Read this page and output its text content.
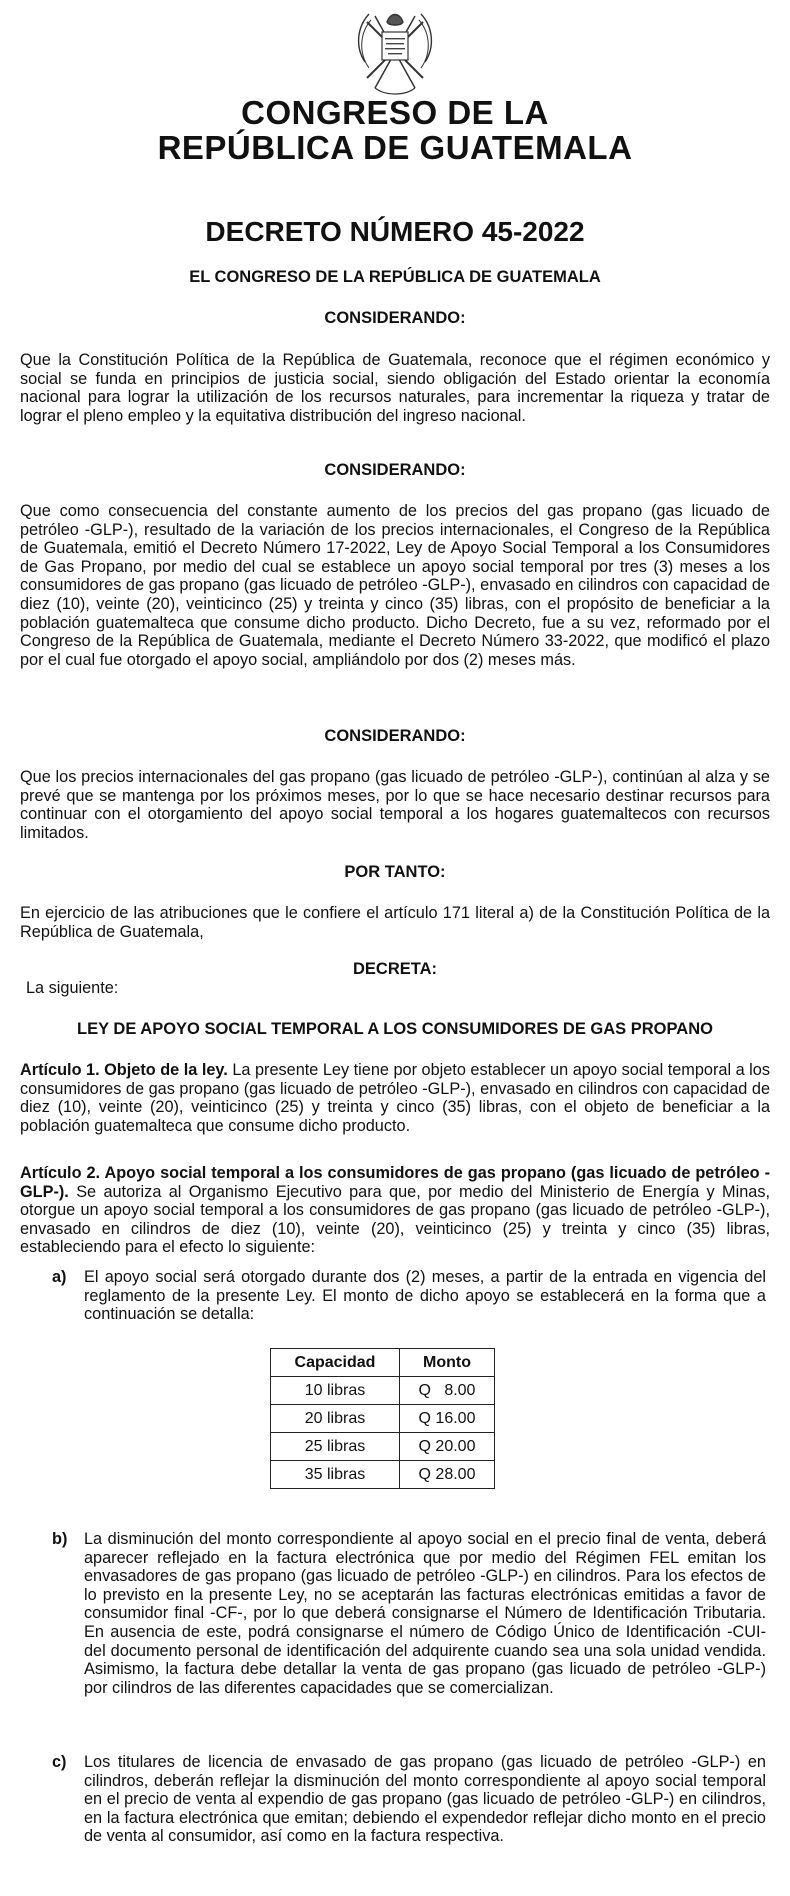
CONGRESO DE LA
REPÚBLICA DE GUATEMALA
DECRETO NÚMERO 45-2022
EL CONGRESO DE LA REPÚBLICA DE GUATEMALA
CONSIDERANDO:
Que la Constitución Política de la República de Guatemala, reconoce que el régimen económico y social se funda en principios de justicia social, siendo obligación del Estado orientar la economía nacional para lograr la utilización de los recursos naturales, para incrementar la riqueza y tratar de lograr el pleno empleo y la equitativa distribución del ingreso nacional.
CONSIDERANDO:
Que como consecuencia del constante aumento de los precios del gas propano (gas licuado de petróleo -GLP-), resultado de la variación de los precios internacionales, el Congreso de la República de Guatemala, emitió el Decreto Número 17-2022, Ley de Apoyo Social Temporal a los Consumidores de Gas Propano, por medio del cual se establece un apoyo social temporal por tres (3) meses a los consumidores de gas propano (gas licuado de petróleo -GLP-), envasado en cilindros con capacidad de diez (10), veinte (20), veinticinco (25) y treinta y cinco (35) libras, con el propósito de beneficiar a la población guatemalteca que consume dicho producto. Dicho Decreto, fue a su vez, reformado por el Congreso de la República de Guatemala, mediante el Decreto Número 33-2022, que modificó el plazo por el cual fue otorgado el apoyo social, ampliándolo por dos (2) meses más.
CONSIDERANDO:
Que los precios internacionales del gas propano (gas licuado de petróleo -GLP-), continúan al alza y se prevé que se mantenga por los próximos meses, por lo que se hace necesario destinar recursos para continuar con el otorgamiento del apoyo social temporal a los hogares guatemaltecos con recursos limitados.
POR TANTO:
En ejercicio de las atribuciones que le confiere el artículo 171 literal a) de la Constitución Política de la República de Guatemala,
DECRETA:
La siguiente:
LEY DE APOYO SOCIAL TEMPORAL A LOS CONSUMIDORES DE GAS PROPANO
Artículo 1. Objeto de la ley. La presente Ley tiene por objeto establecer un apoyo social temporal a los consumidores de gas propano (gas licuado de petróleo -GLP-), envasado en cilindros con capacidad de diez (10), veinte (20), veinticinco (25) y treinta y cinco (35) libras, con el objeto de beneficiar a la población guatemalteca que consume dicho producto.
Artículo 2. Apoyo social temporal a los consumidores de gas propano (gas licuado de petróleo -GLP-). Se autoriza al Organismo Ejecutivo para que, por medio del Ministerio de Energía y Minas, otorgue un apoyo social temporal a los consumidores de gas propano (gas licuado de petróleo -GLP-), envasado en cilindros de diez (10), veinte (20), veinticinco (25) y treinta y cinco (35) libras, estableciendo para el efecto lo siguiente:
a) El apoyo social será otorgado durante dos (2) meses, a partir de la entrada en vigencia del reglamento de la presente Ley. El monto de dicho apoyo se establecerá en la forma que a continuación se detalla:
Capacidad	Monto
10 libras	Q   8.00
20 libras	Q 16.00
25 libras	Q 20.00
35 libras	Q 28.00
b) La disminución del monto correspondiente al apoyo social en el precio final de venta, deberá aparecer reflejado en la factura electrónica que por medio del Régimen FEL emitan los envasadores de gas propano (gas licuado de petróleo -GLP-) en cilindros. Para los efectos de lo previsto en la presente Ley, no se aceptarán las facturas electrónicas emitidas a favor de consumidor final -CF-, por lo que deberá consignarse el Número de Identificación Tributaria. En ausencia de este, podrá consignarse el número de Código Único de Identificación -CUI- del documento personal de identificación del adquirente cuando sea una sola unidad vendida. Asimismo, la factura debe detallar la venta de gas propano (gas licuado de petróleo -GLP-) por cilindros de las diferentes capacidades que se comercializan.
c) Los titulares de licencia de envasado de gas propano (gas licuado de petróleo -GLP-) en cilindros, deberán reflejar la disminución del monto correspondiente al apoyo social temporal en el precio de venta al expendio de gas propano (gas licuado de petróleo -GLP-) en cilindros, en la factura electrónica que emitan; debiendo el expendedor reflejar dicho monto en el precio de venta al consumidor, así como en la factura respectiva.
